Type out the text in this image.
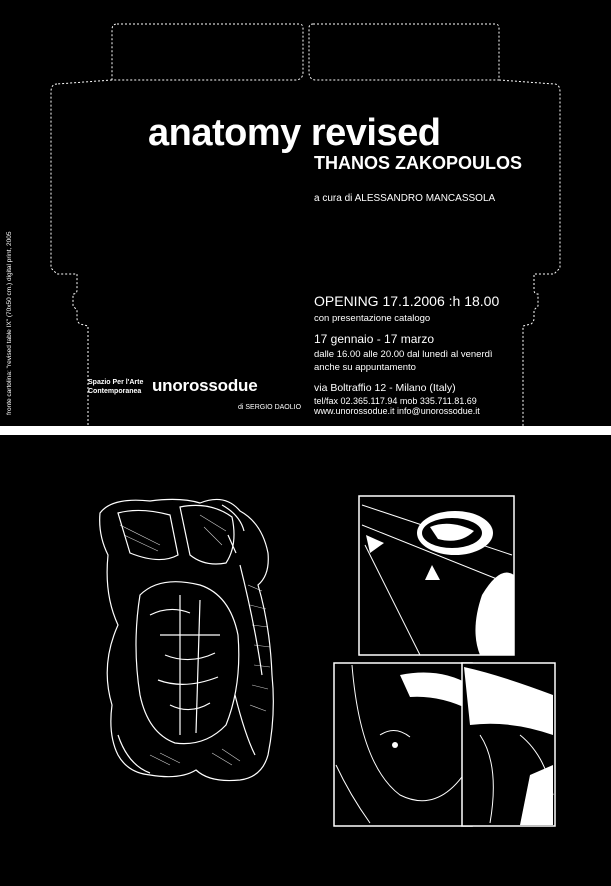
anatomy revised
THANOS ZAKOPOULOS
a cura di ALESSANDRO MANCASSOLA
OPENING 17.1.2006 :h 18.00
con presentazione catalogo
17 gennaio - 17 marzo
dalle 16.00 alle 20.00 dal lunedì al venerdì
anche su appuntamento
via Boltraffio 12 - Milano (Italy)
tel/fax 02.365.117.94 mob 335.711.81.69
www.unorossodue.it info@unorossodue.it
Spazio Per l'Arte
Contemporanea unorossodue
di SERGIO DAOLIO
fronte cartolina: "revised table IX" (70x50 cm.) digital print, 2005
